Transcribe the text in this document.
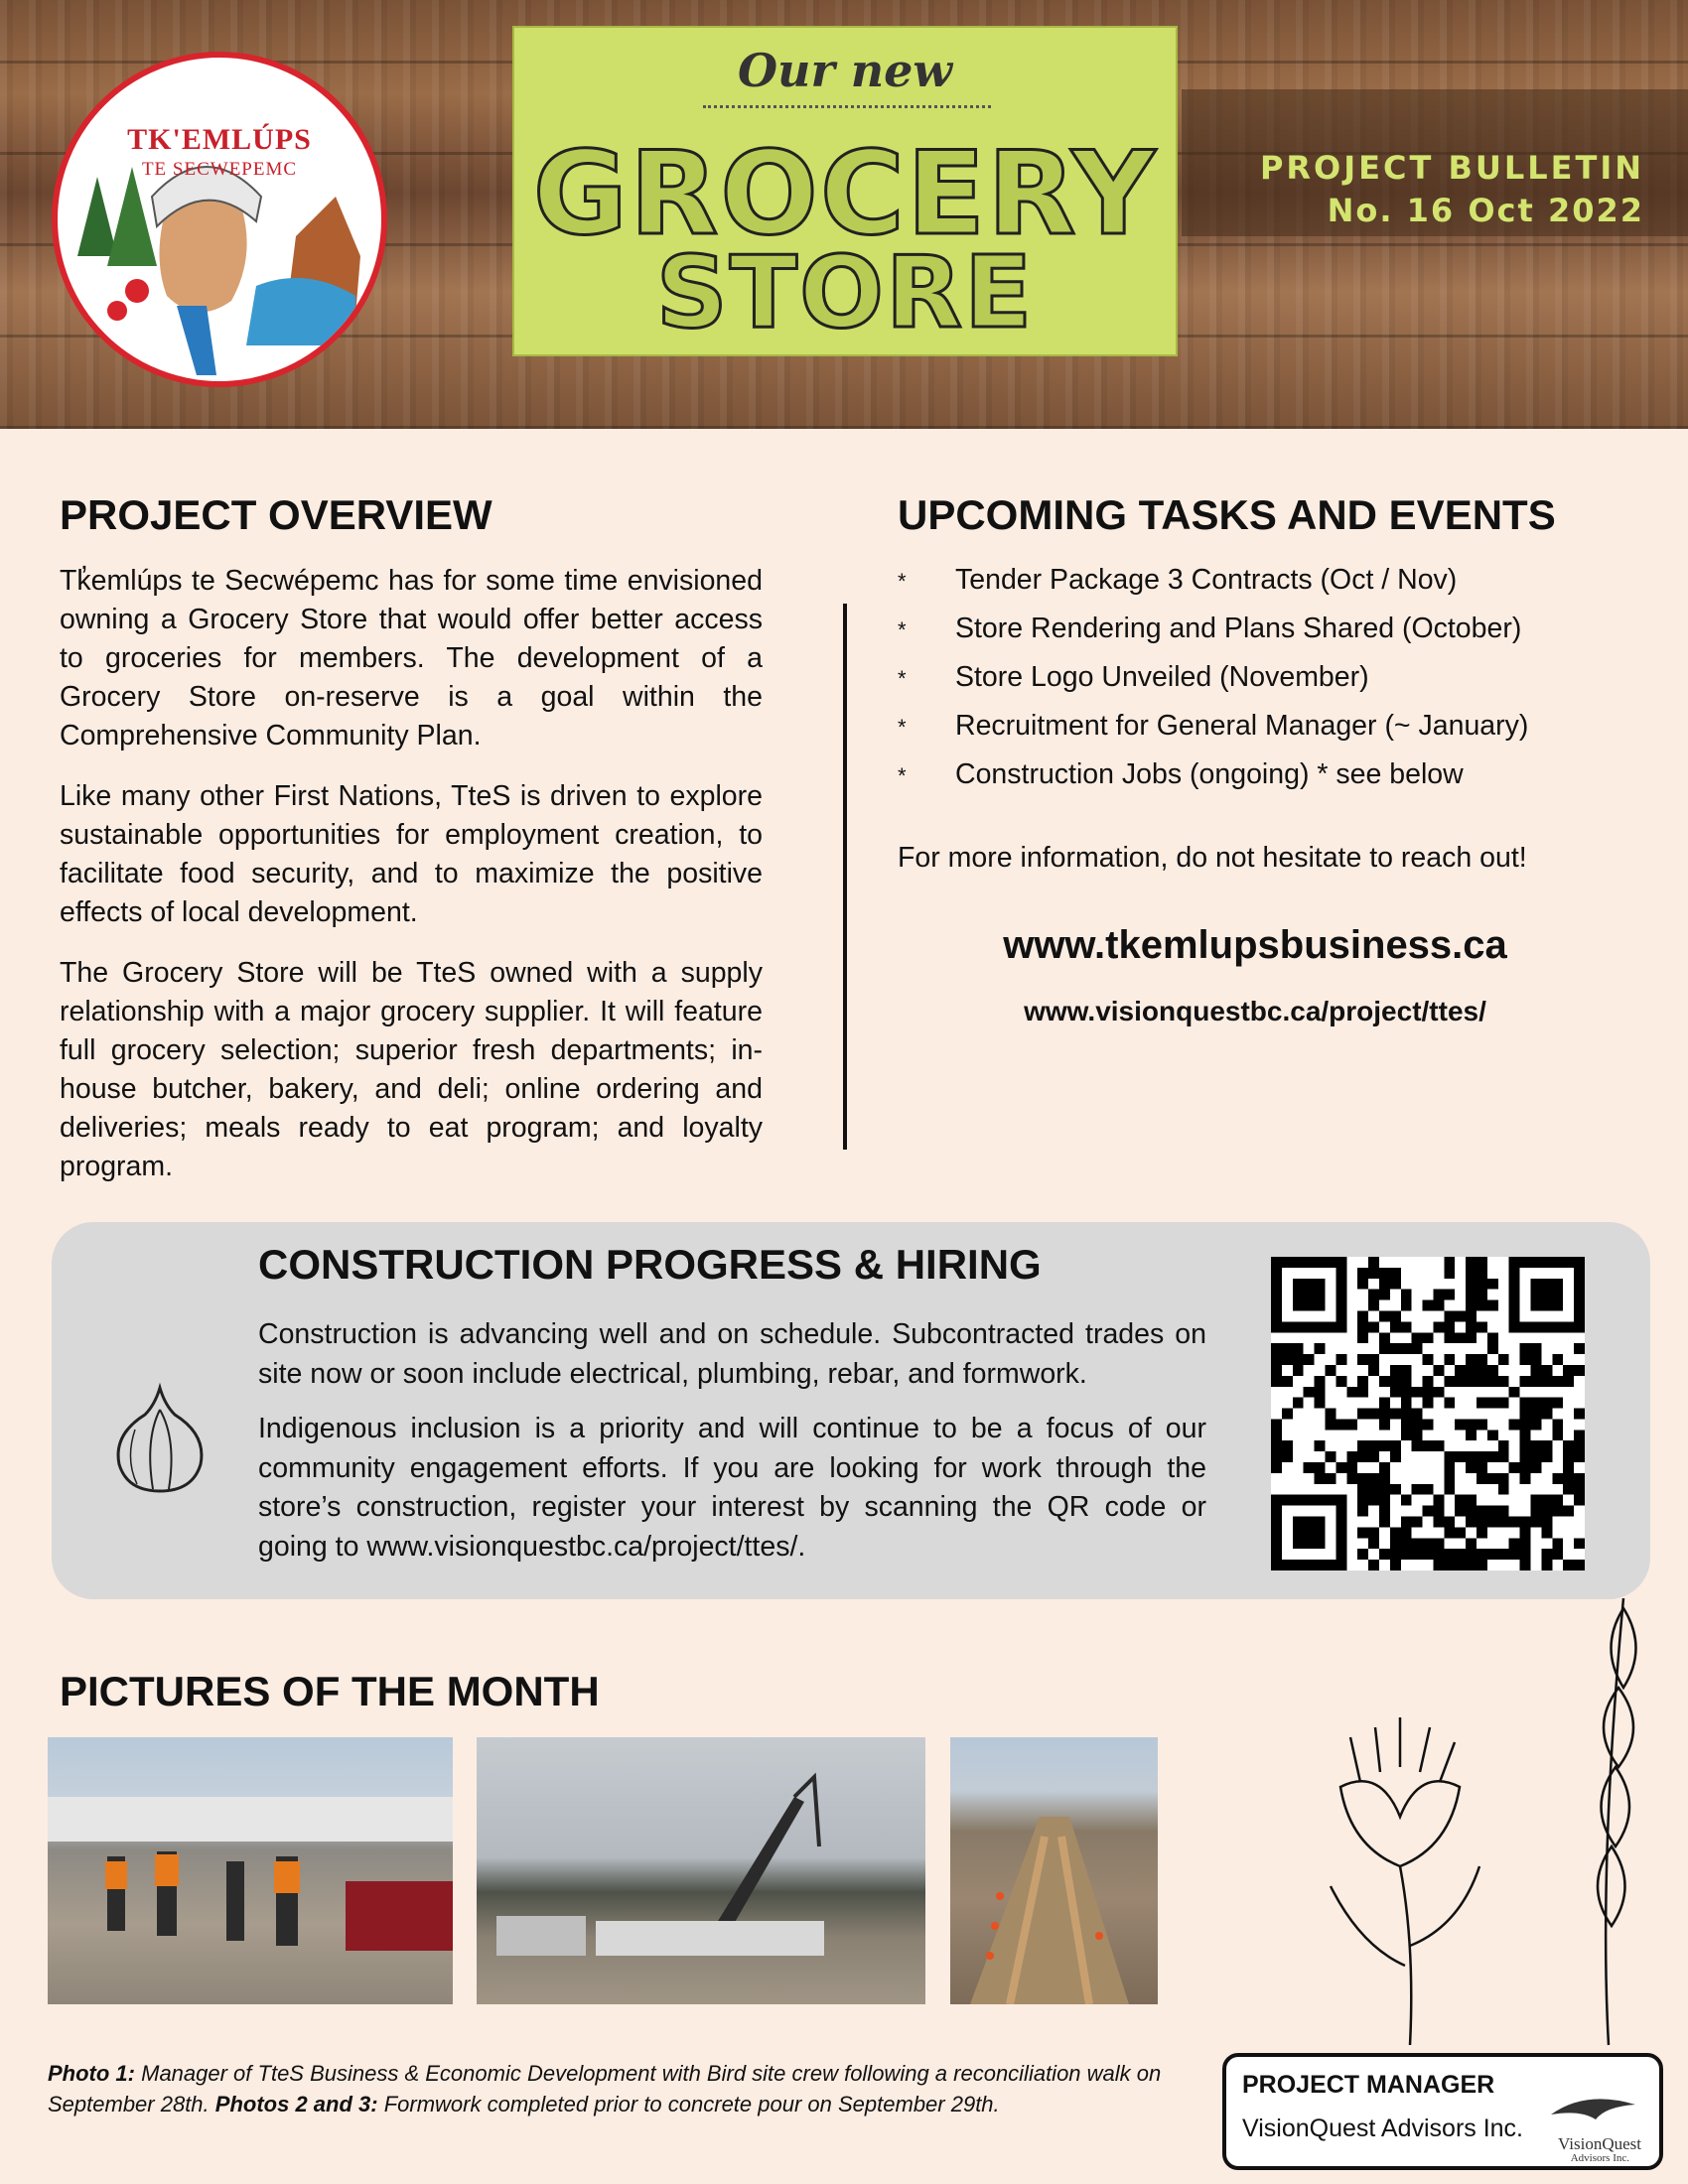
TK'EMLÚPS
TE SECWEPEMC
Our new
GROCERY
STORE
PROJECT BULLETIN
No. 16 Oct 2022
PROJECT OVERVIEW

Tk̓emlúps te Secwépemc has for some time envisioned owning a Grocery Store that would offer better access to groceries for members. The development of a Grocery Store on-reserve is a goal within the Comprehensive Community Plan.

Like many other First Nations, TteS is driven to explore sustainable opportunities for employment creation, to facilitate food security, and to maximize the positive effects of local development.

The Grocery Store will be TteS owned with a supply relationship with a major grocery supplier. It will feature full grocery selection; superior fresh departments; in-house butcher, bakery, and deli; online ordering and deliveries; meals ready to eat program; and loyalty program.

UPCOMING TASKS AND EVENTS
* Tender Package 3 Contracts (Oct / Nov)
* Store Rendering and Plans Shared (October)
* Store Logo Unveiled (November)
* Recruitment for General Manager (~ January)
* Construction Jobs (ongoing) * see below
For more information, do not hesitate to reach out!
www.tkemlupsbusiness.ca
www.visionquestbc.ca/project/ttes/
CONSTRUCTION PROGRESS & HIRING

Construction is advancing well and on schedule. Subcontracted trades on site now or soon include electrical, plumbing, rebar, and formwork.

Indigenous inclusion is a priority and will continue to be a focus of our community engagement efforts. If you are looking for work through the store’s construction, register your interest by scanning the QR code or going to www.visionquestbc.ca/project/ttes/.

PICTURES OF THE MONTH
Photo 1: Manager of TteS Business & Economic Development with Bird site crew following a reconciliation walk on September 28th. Photos 2 and 3: Formwork completed prior to concrete pour on September 29th.
PROJECT MANAGER
VisionQuest Advisors Inc.
VisionQuest
Advisors Inc.
